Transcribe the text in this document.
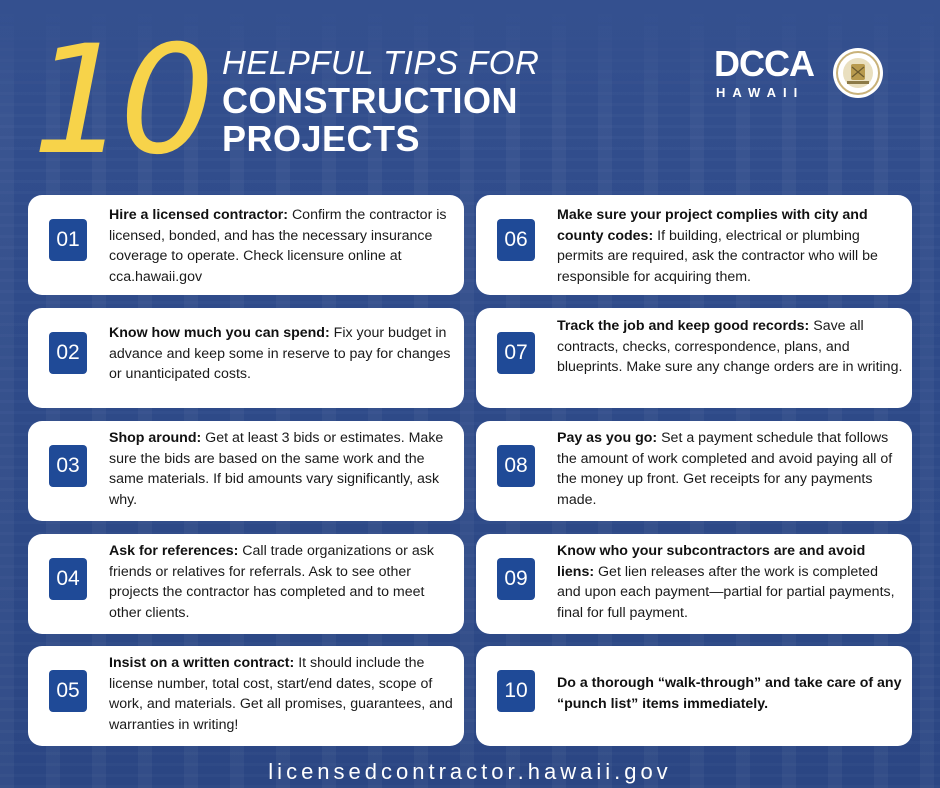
10 HELPFUL TIPS FOR
CONSTRUCTION
PROJECTS
DCCA
HAWAII
01
Hire a licensed contractor: Confirm the contractor is licensed, bonded, and has the necessary insurance coverage to operate. Check licensure online at cca.hawaii.gov
02
Know how much you can spend: Fix your budget in advance and keep some in reserve to pay for changes or unanticipated costs.
03
Shop around: Get at least 3 bids or estimates. Make sure the bids are based on the same work and the same materials. If bid amounts vary significantly, ask why.
04
Ask for references: Call trade organizations or ask friends or relatives for referrals. Ask to see other projects the contractor has completed and to meet other clients.
05
Insist on a written contract: It should include the license number, total cost, start/end dates, scope of work, and materials. Get all promises, guarantees, and warranties in writing!
06
Make sure your project complies with city and county codes: If building, electrical or plumbing permits are required, ask the contractor who will be responsible for acquiring them.
07
Track the job and keep good records: Save all contracts, checks, correspondence, plans, and blueprints. Make sure any change orders are in writing.
08
Pay as you go: Set a payment schedule that follows the amount of work completed and avoid paying all of the money up front. Get receipts for any payments made.
09
Know who your subcontractors are and avoid liens: Get lien releases after the work is completed and upon each payment—partial for partial payments, final for full payment.
10	Do a thorough “walk-through” and take care of any “punch list” items immediately.
licensedcontractor.hawaii.gov
